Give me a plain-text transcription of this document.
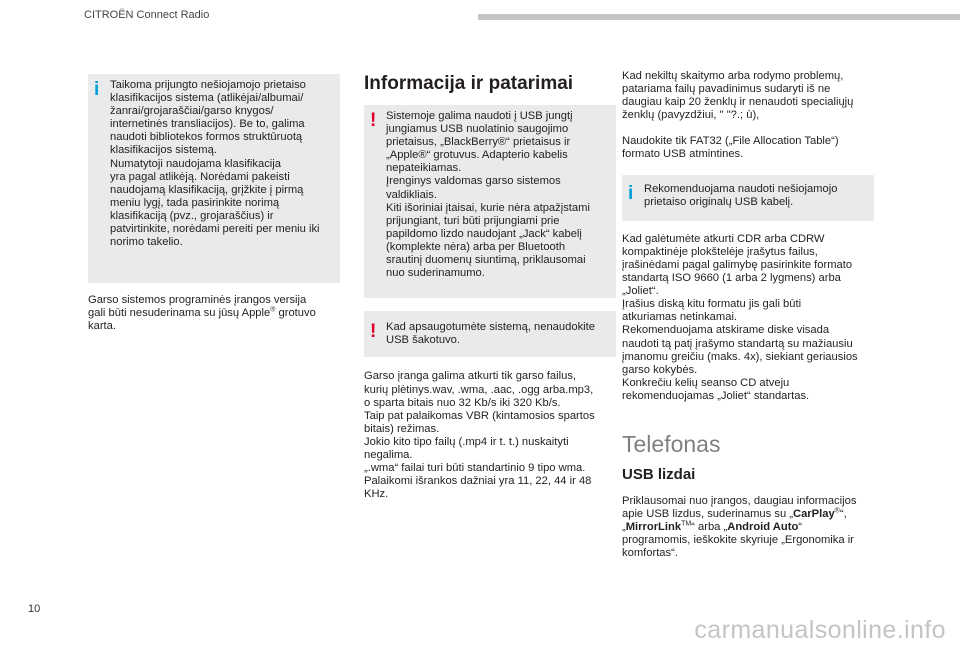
CITROËN Connect Radio
i Taikoma prijungto nešiojamojo prietaiso
klasifikacijos sistema (atlikėjai/albumai/
žanrai/grojaraščiai/garso knygos/
internetinės transliacijos). Be to, galima
naudoti bibliotekos formos struktūruotą
klasifikacijos sistemą.
Numatytoji naudojama klasifikacija
yra pagal atlikėją. Norėdami pakeisti
naudojamą klasifikaciją, grįžkite į pirmą
meniu lygį, tada pasirinkite norimą
klasifikaciją (pvz., grojaraščius) ir
patvirtinkite, norėdami pereiti per meniu iki
norimo takelio.

Garso sistemos programinės įrangos versija
gali būti nesuderinama su jūsų Apple® grotuvo
karta.

Informacija ir patarimai
! Sistemoje galima naudoti į USB jungtį
jungiamus USB nuolatinio saugojimo
prietaisus, „BlackBerry®“ prietaisus ir
„Apple®“ grotuvus. Adapterio kabelis
nepateikiamas.
Įrenginys valdomas garso sistemos
valdikliais.
Kiti išoriniai įtaisai, kurie nėra atpažįstami
prijungiant, turi būti prijungiami prie
papildomo lizdo naudojant „Jack“ kabelį
(komplekte nėra) arba per Bluetooth
srautinį duomenų siuntimą, priklausomai
nuo suderinamumo.

! Kad apsaugotumėte sistemą, nenaudokite
USB šakotuvo.

Garso įranga galima atkurti tik garso failus,
kurių plėtinys.wav, .wma, .aac, .ogg arba.mp3,
o sparta bitais nuo 32 Kb/s iki 320 Kb/s.
Taip pat palaikomas VBR (kintamosios spartos
bitais) režimas.
Jokio kito tipo failų (.mp4 ir t. t.) nuskaityti
negalima.
„.wma“ failai turi būti standartinio 9 tipo wma.
Palaikomi išrankos dažniai yra 11, 22, 44 ir 48
KHz.

Kad nekiltų skaitymo arba rodymo problemų,
patariama failų pavadinimus sudaryti iš ne
daugiau kaip 20 ženklų ir nenaudoti specialiųjų
ženklų (pavyzdžiui, " "?.; ù),

Naudokite tik FAT32 („File Allocation Table“)
formato USB atmintines.

i Rekomenduojama naudoti nešiojamojo
prietaiso originalų USB kabelį.

Kad galėtumėte atkurti CDR arba CDRW
kompaktinėje plokštelėje įrašytus failus,
įrašinėdami pagal galimybę pasirinkite formato
standartą ISO 9660 (1 arba 2 lygmens) arba
„Joliet“.
Įrašius diską kitu formatu jis gali būti
atkuriamas netinkamai.
Rekomenduojama atskirame diske visada
naudoti tą patį įrašymo standartą su mažiausiu
įmanomu greičiu (maks. 4x), siekiant geriausios
garso kokybės.
Konkrečiu kelių seanso CD atveju
rekomenduojamas „Joliet“ standartas.

Telefonas
USB lizdai

Priklausomai nuo įrangos, daugiau informacijos
apie USB lizdus, suderinamus su „CarPlay®“,
„MirrorLink™“ arba „Android Auto“
programomis, ieškokite skyriuje „Ergonomika ir
komfortas“.

10
carmanualsonline.info
